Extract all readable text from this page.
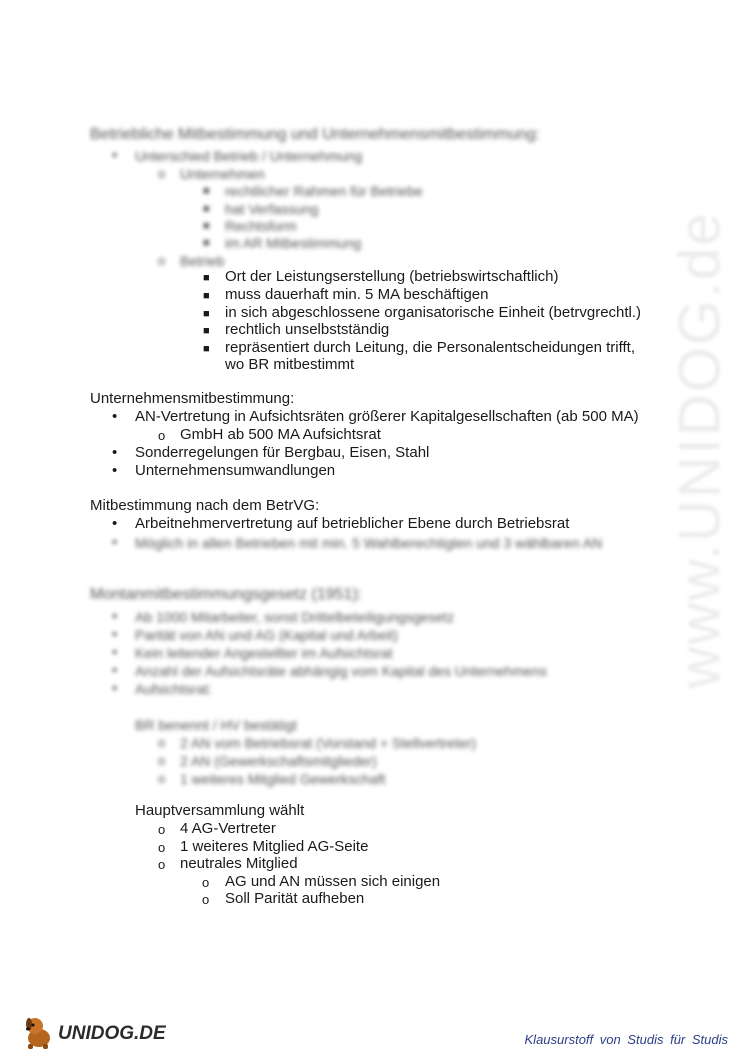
www.UNIDOG.de
Betriebliche Mitbestimmung und Unternehmensmitbestimmung:
• Unterschied Betrieb / Unternehmung
o Unternehmen
■ rechtlicher Rahmen für Betriebe
■ hat Verfassung
■ Rechtsform
■ im AR Mitbestimmung
o Betrieb
■ Ort der Leistungserstellung (betriebswirtschaftlich)
■ muss dauerhaft min. 5 MA beschäftigen
■ in sich abgeschlossene organisatorische Einheit (betrvgrechtl.)
■ rechtlich unselbstständig
■ repräsentiert durch Leitung, die Personalentscheidungen trifft,
wo BR mitbestimmt
Unternehmensmitbestimmung:
• AN-Vertretung in Aufsichtsräten größerer Kapitalgesellschaften (ab 500 MA)
o GmbH ab 500 MA Aufsichtsrat
• Sonderregelungen für Bergbau, Eisen, Stahl
• Unternehmensumwandlungen
Mitbestimmung nach dem BetrVG:
• Arbeitnehmervertretung auf betrieblicher Ebene durch Betriebsrat
• Möglich in allen Betrieben mit min. 5 Wahlberechtigten und 3 wählbaren AN
Montanmitbestimmungsgesetz (1951):
• Ab 1000 Mitarbeiter, sonst Drittelbeteiligungsgesetz
• Parität von AN und AG (Kapital und Arbeit)
• Kein leitender Angestellter im Aufsichtsrat
• Anzahl der Aufsichtsräte abhängig vom Kapital des Unternehmens
• Aufsichtsrat:
BR benennt / HV bestätigt
o 2 AN vom Betriebsrat (Vorstand + Stellvertreter)
o 2 AN (Gewerkschaftsmitglieder)
o 1 weiteres Mitglied Gewerkschaft
Hauptversammlung wählt
o 4 AG-Vertreter
o 1 weiteres Mitglied AG-Seite
o neutrales Mitglied
o AG und AN müssen sich einigen
o Soll Parität aufheben
UNIDOG.DE	Klausurstoff von Studis für Studis
